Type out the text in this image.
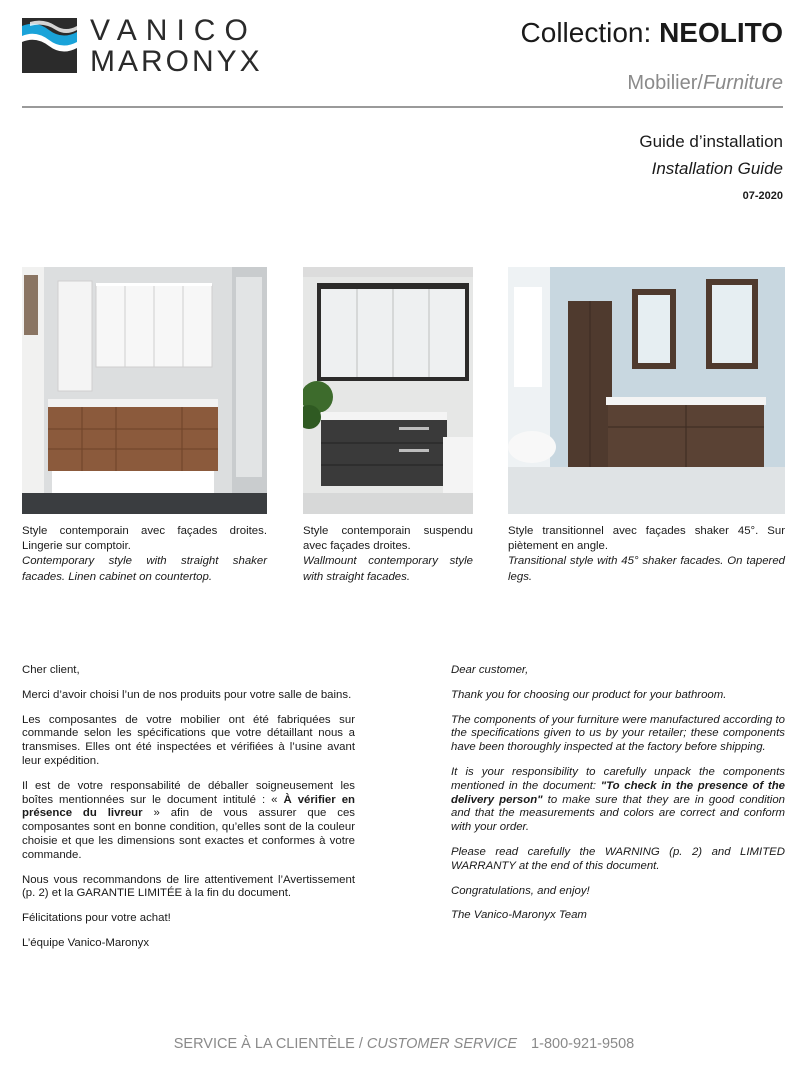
VANICO
MARONYX
Collection: NEOLITO
Mobilier/Furniture
Guide d’installation
Installation Guide
07-2020
Style contemporain avec façades droites. Lingerie sur comptoir.
Contemporary style with straight shaker facades. Linen cabinet on countertop.
Style contemporain suspendu avec façades droites.
Wallmount contemporary style with straight facades.
Style transitionnel avec façades shaker 45°. Sur piètement en angle.
Transitional style with 45° shaker facades. On tapered legs.

Cher client,

Merci d’avoir choisi l’un de nos produits pour votre salle de bains.

Les composantes de votre mobilier ont été fabriquées sur commande selon les spécifications que votre détaillant nous a transmises. Elles ont été inspectées et vérifiées à l’usine avant leur expédition.

Il est de votre responsabilité de déballer soigneusement les boîtes mentionnées sur le document intitulé : « À vérifier en présence du livreur » afin de vous assurer que ces composantes sont en bonne condition, qu’elles sont de la couleur choisie et que les dimensions sont exactes et conformes à votre commande.

Nous vous recommandons de lire attentivement l’Avertissement (p. 2) et la GARANTIE LIMITÉE à la fin du document.

Félicitations pour votre achat!

L’équipe Vanico-Maronyx

Dear customer,

Thank you for choosing our product for your bathroom.

The components of your furniture were manufactured according to the specifications given to us by your retailer; these components have been thoroughly inspected at the factory before shipping.

It is your responsibility to carefully unpack the components mentioned in the document: "To check in the presence of the delivery person" to make sure that they are in good condition and that the measurements and colors are correct and conform with your order.

Please read carefully the WARNING (p. 2) and LIMITED WARRANTY at the end of this document.

Congratulations, and enjoy!

The Vanico-Maronyx Team

SERVICE À LA CLIENTÈLE / CUSTOMER SERVICE 1-800-921-9508
